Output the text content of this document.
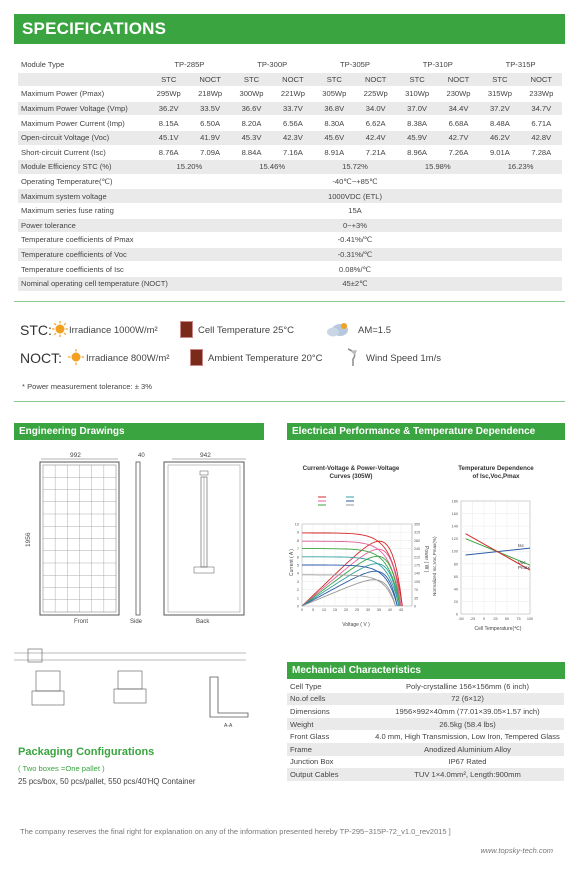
SPECIFICATIONS
Module Type	TP-285P	TP-300P	TP-305P	TP-310P	TP-315P
STC	NOCT	STC	NOCT	STC	NOCT	STC	NOCT	STC	NOCT
Maximum Power (Pmax)	295Wp	218Wp	300Wp	221Wp	305Wp	225Wp	310Wp	230Wp	315Wp	233Wp
Maximum Power Voltage (Vmp)	36.2V	33.5V	36.6V	33.7V	36.8V	34.0V	37.0V	34.4V	37.2V	34.7V
Maximum Power Current (Imp)	8.15A	6.50A	8.20A	6.56A	8.30A	6.62A	8.38A	6.68A	8.48A	6.71A
Open-circuit Voltage (Voc)	45.1V	41.9V	45.3V	42.3V	45.6V	42.4V	45.9V	42.7V	46.2V	42.8V
Short-circuit Current (Isc)	8.76A	7.09A	8.84A	7.16A	8.91A	7.21A	8.96A	7.26A	9.01A	7.28A
Module Efficiency STC (%)	15.20%	15.46%	15.72%	15.98%	16.23%
Operating Temperature(℃)	-40℃~+85℃
Maximum system voltage	1000VDC (ETL)
Maximum series fuse rating	15A
Power tolerance	0~+3%
Temperature coefficients of Pmax	-0.41%/℃
Temperature coefficients of Voc	-0.31%/℃
Temperature coefficients of Isc	0.08%/℃
Nominal operating cell temperature (NOCT)	45±2℃
STC: Irradiance 1000W/m²	Cell Temperature 25°C	AM=1.5
NOCT:	Irradiance 800W/m²	Ambient Temperature 20°C	Wind Speed 1m/s
* Power measurement tolerance: ± 3%
Engineering Drawings	Electrical Performance & Temperature Dependence
992	40	942
1956
Front	Side	Back
A-A
Current-Voltage & Power-Voltage
Curves (305W)
Temperature Dependence
of Isc,Voc,Pmax
Current ( A )	Power ( W )
Voltage ( V )
Normalized Isc,Voc,Pmax(%)
Cell Temperature(℃)
0
1
2
3
4
5
6
7
8
9
10
0
35
70
105
140
175
210
245
280
315
350
0 5 10 15 20 25 30 35 40 45
0
20
40
60
80
100
120
140
160
180
-50 -25 0 25 50 75 100
Isc
Voc
Pmax
Mechanical Characteristics
Cell Type	Poly-crystalline 156×156mm (6 inch)
No.of cells	72 (6×12)
Dimensions	1956×992×40mm (77.01×39.05×1.57 inch)
Weight	26.5kg (58.4 lbs)
Front Glass	4.0 mm, High Transmission, Low Iron, Tempered Glass
Frame	Anodized Aluminium Alloy
Junction Box	IP67 Rated
Output Cables	TUV 1×4.0mm², Length:900mm
Packaging Configurations
( Two boxes =One pallet )
25 pcs/box, 50 pcs/pallet, 550 pcs/40'HQ Container
The company reserves the final right for explanation on any of the information presented hereby TP-295~315P-72_v1.0_rev2015 ]
www.topsky-tech.com
